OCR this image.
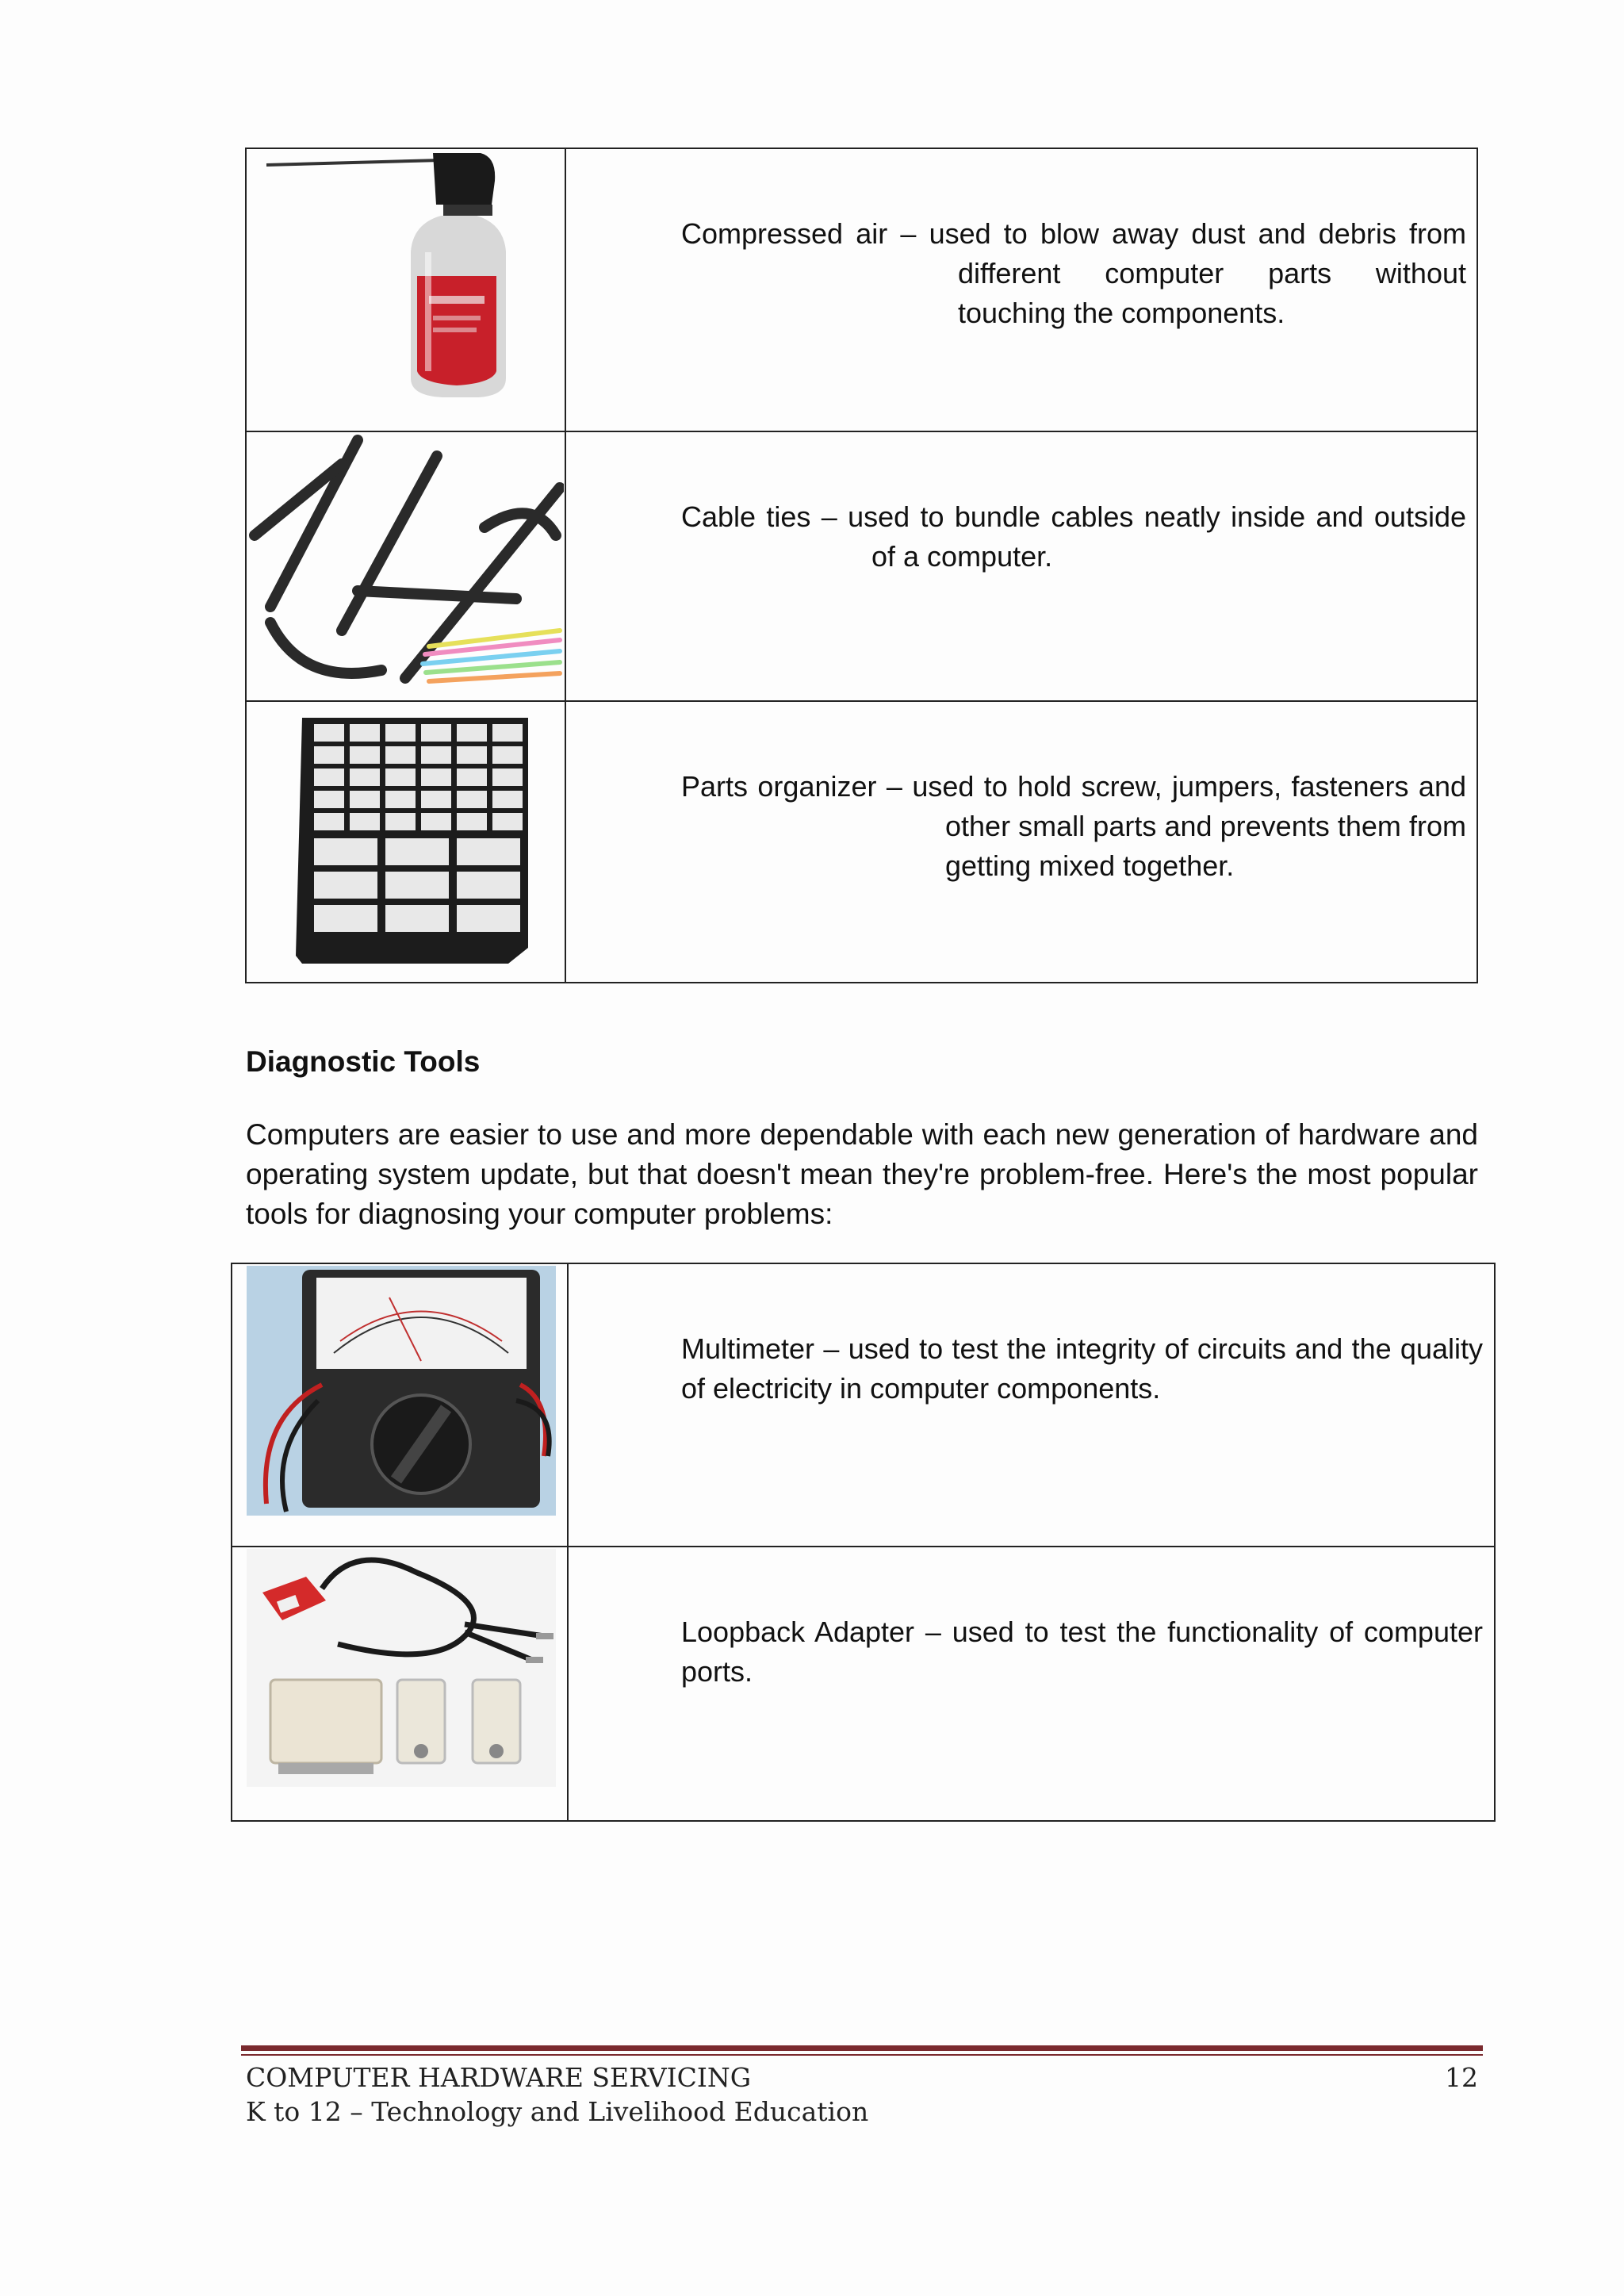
Compressed air – used to blow away dust and debris from different computer parts without touching the components.

Cable ties – used to bundle cables neatly inside and outside of a computer.

Parts organizer – used to hold screw, jumpers, fasteners and other small parts and prevents them from getting mixed together.
Diagnostic Tools
Computers are easier to use and more dependable with each new generation of hardware and operating system update, but that doesn't mean they're problem-free. Here's the most popular tools for diagnosing your computer problems:

Multimeter – used to test the integrity of circuits and the quality of electricity in computer components.

Loopback Adapter – used to test the functionality of computer ports.
COMPUTER HARDWARE SERVICING
K to 12 – Technology and Livelihood Education
12
